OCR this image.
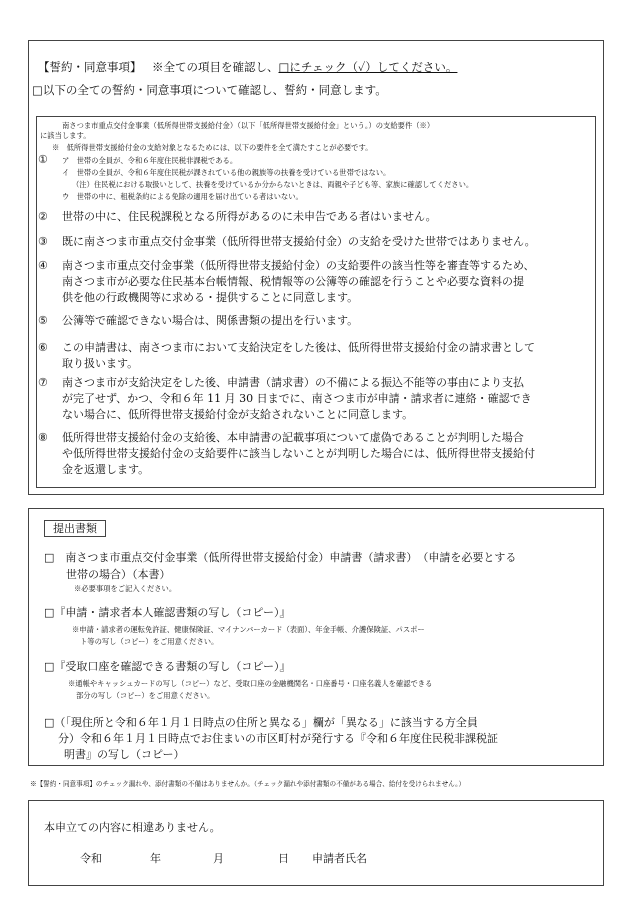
【誓約・同意事項】 ※全ての項目を確認し、□にチェック（✓）してください。
□以下の全ての誓約・同意事項について確認し、誓約・同意します。
南さつま市重点交付金事業（低所得世帯支援給付金）（以下「低所得世帯支援給付金」という。）の支給要件（※）
に該当します。
※　低所得世帯支援給付金の支給対象となるためには、以下の要件を全て満たすことが必要です。
① ア　世帯の全員が、令和６年度住民税非課税である。
イ　世帯の全員が、令和６年度住民税が課されている他の親族等の扶養を受けている世帯ではない。
（注）住民税における取扱いとして、扶養を受けているか分からないときは、両親や子ども等、家族に確認してください。
ウ　世帯の中に、租税条約による免除の適用を届け出ている者はいない。
② 世帯の中に、住民税課税となる所得があるのに未申告である者はいません。
③ 既に南さつま市重点交付金事業（低所得世帯支援給付金）の支給を受けた世帯ではありません。
④ 南さつま市重点交付金事業（低所得世帯支援給付金）の支給要件の該当性等を審査等するため、
南さつま市が必要な住民基本台帳情報、税情報等の公簿等の確認を行うことや必要な資料の提
供を他の行政機関等に求める・提供することに同意します。
⑤ 公簿等で確認できない場合は、関係書類の提出を行います。
⑥ この申請書は、南さつま市において支給決定をした後は、低所得世帯支援給付金の請求書として
取り扱います。
⑦ 南さつま市が支給決定をした後、申請書（請求書）の不備による振込不能等の事由により支払
が完了せず、かつ、令和６年 11 月 30 日までに、南さつま市が申請・請求者に連絡・確認でき
ない場合に、低所得世帯支援給付金が支給されないことに同意します。
⑧ 低所得世帯支援給付金の支給後、本申請書の記載事項について虚偽であることが判明した場合
や低所得世帯支援給付金の支給要件に該当しないことが判明した場合には、低所得世帯支援給付
金を返還します。
提出書類
□　南さつま市重点交付金事業（低所得世帯支援給付金）申請書（請求書）　（申請を必要とする
世帯の場合）（本書）
※必要事項をご記入ください。
□『申請・請求者本人確認書類の写し（コピー）』
※申請・請求者の運転免許証、健康保険証、マイナンバーカード（表面）、年金手帳、介護保険証、パスポー
ト等の写し（コピー）をご用意ください。
□『受取口座を確認できる書類の写し（コピー）』
※通帳やキャッシュカードの写し（コピー）など、受取口座の金融機関名・口座番号・口座名義人を確認できる
部分の写し（コピー）をご用意ください。
□（「現住所と令和６年１月１日時点の住所と異なる」欄が「異なる」に該当する方全員
分）令和６年１月１日時点でお住まいの市区町村が発行する『令和６年度住民税非課税証
明書』の写し（コピー）
※【誓約・同意事項】のチェック漏れや、添付書類の不備はありませんか。（チェック漏れや添付書類の不備がある場合、給付を受けられません。）
本申立ての内容に相違ありません。
令和	年	月	日 申請者氏名
